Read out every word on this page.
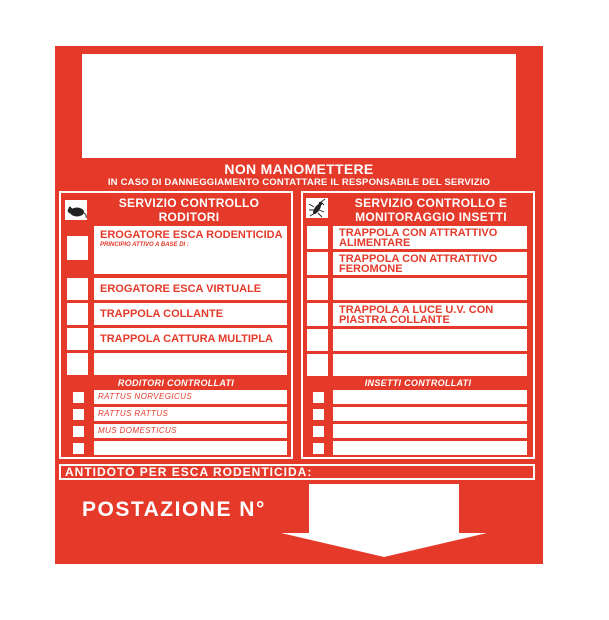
NON MANOMETTERE
IN CASO DI DANNEGGIAMENTO CONTATTARE IL RESPONSABILE DEL SERVIZIO
SERVIZIO CONTROLLO
RODITORI
EROGATORE ESCA RODENTICIDA
PRINCIPIO ATTIVO A BASE DI :
EROGATORE ESCA VIRTUALE
TRAPPOLA COLLANTE
TRAPPOLA CATTURA MULTIPLA
RODITORI CONTROLLATI
RATTUS NORVEGICUS
RATTUS RATTUS
MUS DOMESTICUS
SERVIZIO CONTROLLO E
MONITORAGGIO INSETTI
TRAPPOLA CON ATTRATTIVO
ALIMENTARE
TRAPPOLA CON ATTRATTIVO
FEROMONE
TRAPPOLA A LUCE U.V. CON
PIASTRA COLLANTE
INSETTI CONTROLLATI
ANTIDOTO PER ESCA RODENTICIDA:
POSTAZIONE N°
